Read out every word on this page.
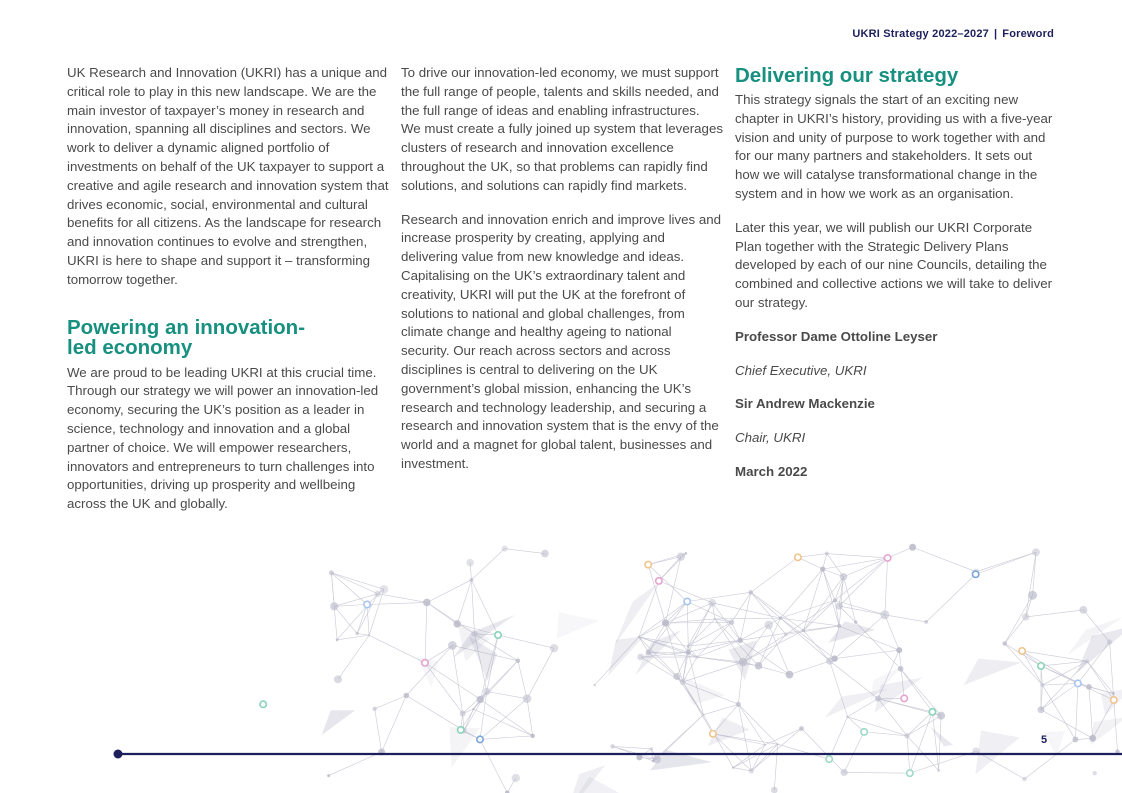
UKRI Strategy 2022–2027 | Foreword

UK Research and Innovation (UKRI) has a unique and critical role to play in this new landscape. We are the main investor of taxpayer’s money in research and innovation, spanning all disciplines and sectors. We work to deliver a dynamic aligned portfolio of investments on behalf of the UK taxpayer to support a creative and agile research and innovation system that drives economic, social, environmental and cultural benefits for all citizens. As the landscape for research and innovation continues to evolve and strengthen, UKRI is here to shape and support it – transforming tomorrow together.

Powering an innovation-led economy

We are proud to be leading UKRI at this crucial time. Through our strategy we will power an innovation-led economy, securing the UK’s position as a leader in science, technology and innovation and a global partner of choice. We will empower researchers, innovators and entrepreneurs to turn challenges into opportunities, driving up prosperity and wellbeing across the UK and globally.

To drive our innovation-led economy, we must support the full range of people, talents and skills needed, and the full range of ideas and enabling infrastructures. We must create a fully joined up system that leverages clusters of research and innovation excellence throughout the UK, so that problems can rapidly find solutions, and solutions can rapidly find markets.

Research and innovation enrich and improve lives and increase prosperity by creating, applying and delivering value from new knowledge and ideas. Capitalising on the UK’s extraordinary talent and creativity, UKRI will put the UK at the forefront of solutions to national and global challenges, from climate change and healthy ageing to national security. Our reach across sectors and across disciplines is central to delivering on the UK government’s global mission, enhancing the UK’s research and technology leadership, and securing a research and innovation system that is the envy of the world and a magnet for global talent, businesses and investment.

Delivering our strategy

This strategy signals the start of an exciting new chapter in UKRI’s history, providing us with a five-year vision and unity of purpose to work together with and for our many partners and stakeholders. It sets out how we will catalyse transformational change in the system and in how we work as an organisation.

Later this year, we will publish our UKRI Corporate Plan together with the Strategic Delivery Plans developed by each of our nine Councils, detailing the combined and collective actions we will take to deliver our strategy.

Professor Dame Ottoline Leyser

Chief Executive, UKRI

Sir Andrew Mackenzie

Chair, UKRI

March 2022

5
